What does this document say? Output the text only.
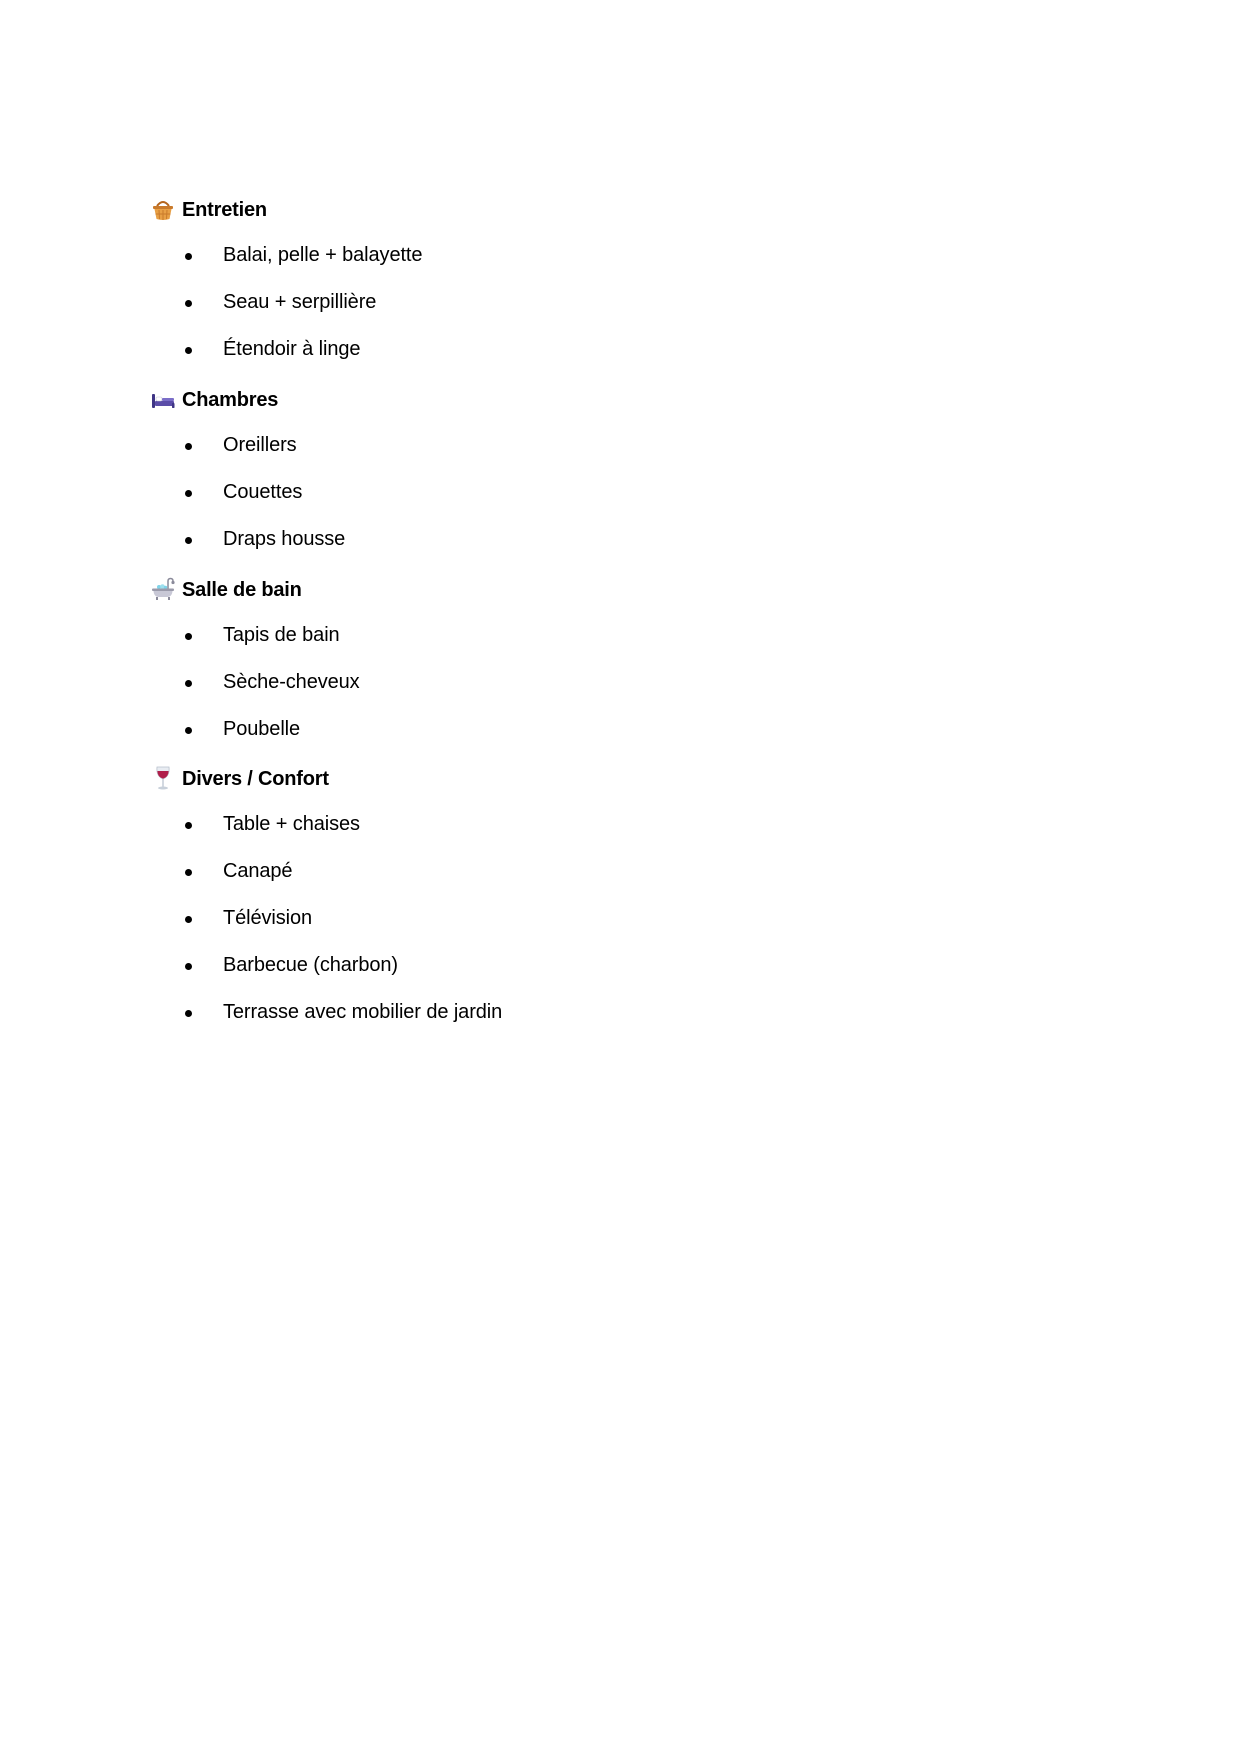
Entretien
Balai, pelle + balayette
Seau + serpillière
Étendoir à linge
Chambres
Oreillers
Couettes
Draps housse
Salle de bain
Tapis de bain
Sèche-cheveux
Poubelle
Divers / Confort
Table + chaises
Canapé
Télévision
Barbecue (charbon)
Terrasse avec mobilier de jardin
